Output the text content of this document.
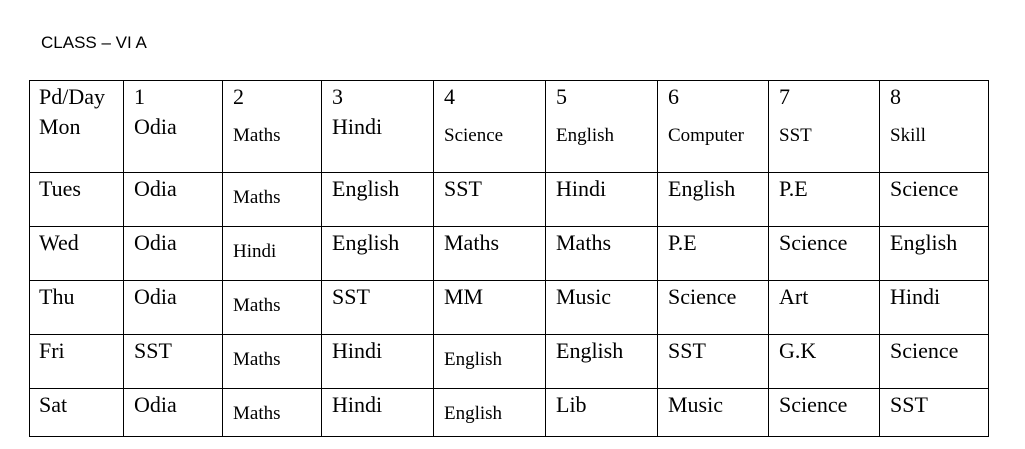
CLASS – VI A
Pd/Day	1	2	3	4	5	6	7	8
Mon	Odia	Maths	Hindi	Science	English	Computer	SST	Skill
Tues	Odia	Maths	English	SST	Hindi	English	P.E	Science
Wed	Odia	Hindi	English	Maths	Maths	P.E	Science	English
Thu	Odia	Maths	SST	MM	Music	Science	Art	Hindi
Fri	SST	Maths	Hindi	English	English	SST	G.K	Science
Sat	Odia	Maths	Hindi	English	Lib	Music	Science	SST
